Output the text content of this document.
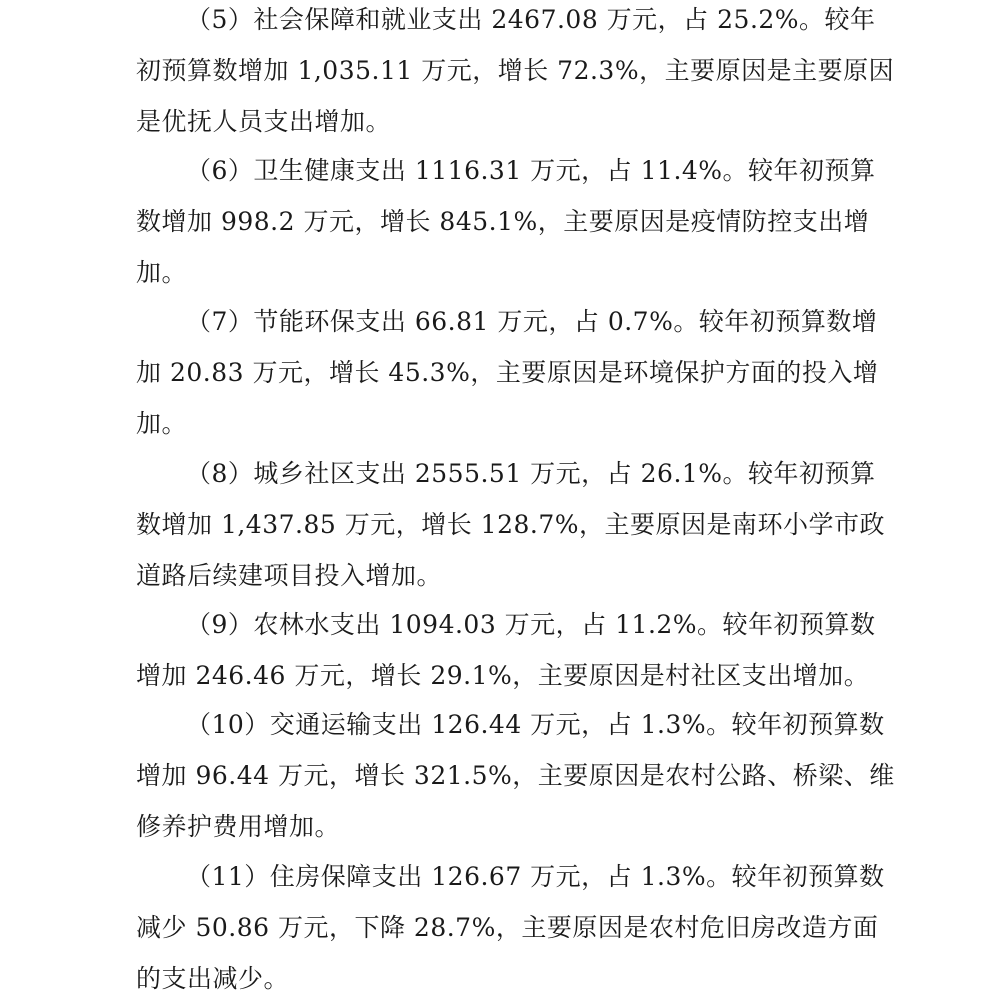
（5）社会保障和就业支出 2467.08 万元，占 25.2%。较年初预算数增加 1,035.11 万元，增长 72.3%，主要原因是主要原因是优抚人员支出增加。

（6）卫生健康支出 1116.31 万元，占 11.4%。较年初预算数增加 998.2 万元，增长 845.1%，主要原因是疫情防控支出增加。

（7）节能环保支出 66.81 万元，占 0.7%。较年初预算数增加 20.83 万元，增长 45.3%，主要原因是环境保护方面的投入增加。

（8）城乡社区支出 2555.51 万元，占 26.1%。较年初预算数增加 1,437.85 万元，增长 128.7%，主要原因是南环小学市政道路后续建项目投入增加。

（9）农林水支出 1094.03 万元，占 11.2%。较年初预算数增加 246.46 万元，增长 29.1%，主要原因是村社区支出增加。

（10）交通运输支出 126.44 万元，占 1.3%。较年初预算数增加 96.44 万元，增长 321.5%，主要原因是农村公路、桥梁、维修养护费用增加。

（11）住房保障支出 126.67 万元，占 1.3%。较年初预算数减少 50.86 万元，下降 28.7%，主要原因是农村危旧房改造方面的支出减少。
